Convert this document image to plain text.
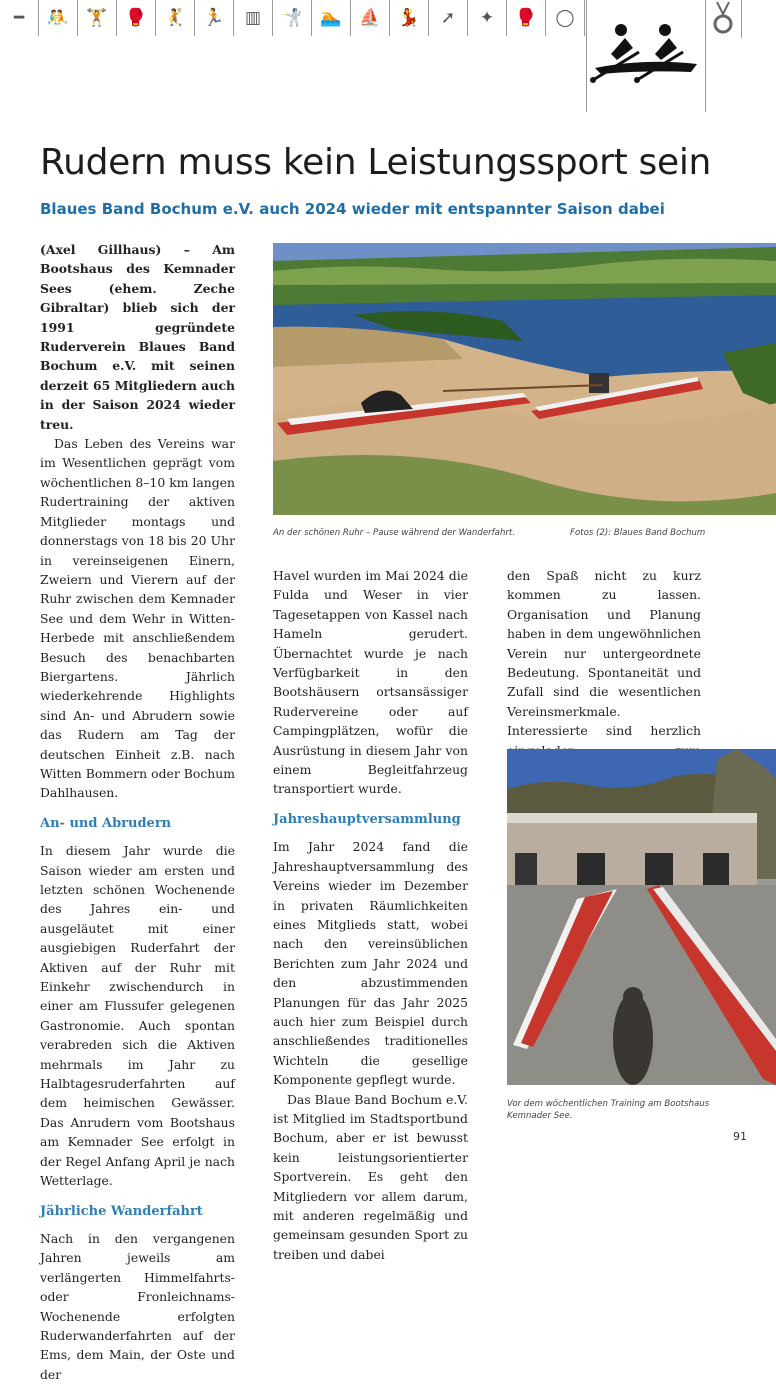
━	🤼	🏋	🥊	🤾	🏃	▥	🤺	🏊	⛵	💃	➚	✦	🥊	◯
Rudern muss kein Leistungssport sein
Blaues Band Bochum e.V. auch 2024 wieder mit entspannter Saison dabei

(Axel Gillhaus) – Am Bootshaus des Kemnader Sees (ehem. Zeche Gibraltar) blieb sich der 1991 gegründete Ruderverein Blaues Band Bochum e.V. mit seinen derzeit 65 Mitgliedern auch in der Saison 2024 wieder treu.

Das Leben des Vereins war im Wesentlichen geprägt vom wöchentlichen 8–10 km langen Rudertraining der aktiven Mitglieder montags und donnerstags von 18 bis 20 Uhr in vereinseigenen Einern, Zweiern und Vierern auf der Ruhr zwischen dem Kemnader See und dem Wehr in Witten-Herbede mit anschließendem Besuch des benachbarten Biergartens. Jährlich wiederkehrende Highlights sind An- und Abrudern sowie das Rudern am Tag der deutschen Einheit z.B. nach Witten Bommern oder Bochum Dahlhausen.

An- und Abrudern

In diesem Jahr wurde die Saison wieder am ersten und letzten schönen Wochenende des Jahres ein- und ausgeläutet mit einer ausgiebigen Ruderfahrt der Aktiven auf der Ruhr mit Einkehr zwischendurch in einer am Flussufer gelegenen Gastronomie. Auch spontan verabreden sich die Aktiven mehrmals im Jahr zu Halbtagesruderfahrten auf dem heimischen Gewässer. Das Anrudern vom Bootshaus am Kemnader See erfolgt in der Regel Anfang April je nach Wetterlage.

Jährliche Wanderfahrt

Nach in den vergangenen Jahren jeweils am verlängerten Himmelfahrts- oder Fronleichnams-Wochenende erfolgten Ruderwanderfahrten auf der Ems, dem Main, der Oste und der

An der schönen Ruhr – Pause während der Wanderfahrt.	Fotos (2): Blaues Band Bochum

Havel wurden im Mai 2024 die Fulda und Weser in vier Tagesetappen von Kassel nach Hameln gerudert. Übernachtet wurde je nach Verfügbarkeit in den Bootshäusern ortsansässiger Rudervereine oder auf Campingplätzen, wofür die Ausrüstung in diesem Jahr von einem Begleitfahrzeug transportiert wurde.

Jahreshauptversammlung

Im Jahr 2024 fand die Jahreshauptversammlung des Vereins wieder im Dezember in privaten Räumlichkeiten eines Mitglieds statt, wobei nach den vereinsüblichen Berichten zum Jahr 2024 und den abzustimmenden Planungen für das Jahr 2025 auch hier zum Beispiel durch anschließendes traditionelles Wichteln die gesellige Komponente gepflegt wurde.

Das Blaue Band Bochum e.V. ist Mitglied im Stadtsportbund Bochum, aber er ist bewusst kein leistungsorientierter Sportverein. Es geht den Mitgliedern vor allem darum, mit anderen regelmäßig und gemeinsam gesunden Sport zu treiben und dabei

den Spaß nicht zu kurz kommen zu lassen. Organisation und Planung haben in dem ungewöhnlichen Verein nur untergeordnete Bedeutung. Spontaneität und Zufall sind die wesentlichen Vereinsmerkmale. Interessierte sind herzlich

Vor dem wöchentlichen Training am Bootshaus Kemnader See.
91
